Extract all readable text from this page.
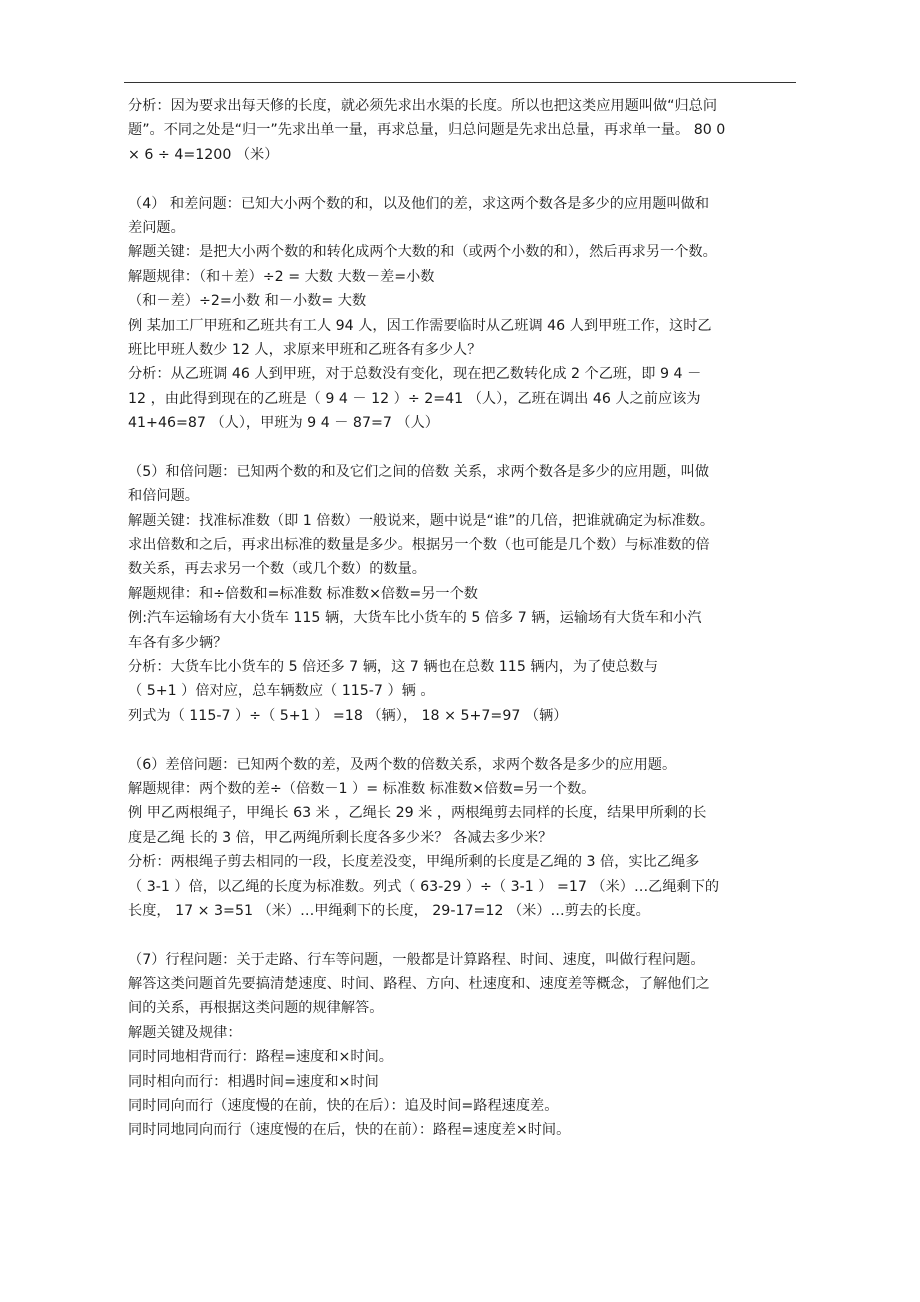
分析：因为要求出每天修的长度，就必须先求出水渠的长度。所以也把这类应用题叫做“归总问
题”。不同之处是“归一”先求出单一量，再求总量，归总问题是先求出总量，再求单一量。 80 0
× 6 ÷ 4=1200 （米）
（4） 和差问题：已知大小两个数的和，以及他们的差，求这两个数各是多少的应用题叫做和
差问题。
解题关键：是把大小两个数的和转化成两个大数的和（或两个小数的和），然后再求另一个数。
解题规律：（和＋差）÷2 = 大数 大数－差=小数
（和－差）÷2=小数 和－小数= 大数
例 某加工厂甲班和乙班共有工人 94 人，因工作需要临时从乙班调 46 人到甲班工作，这时乙
班比甲班人数少 12 人，求原来甲班和乙班各有多少人？
分析：从乙班调 46 人到甲班，对于总数没有变化，现在把乙数转化成 2 个乙班，即 9 4 －
12 ，由此得到现在的乙班是（ 9 4 － 12 ）÷ 2=41 （人），乙班在调出 46 人之前应该为
41+46=87 （人），甲班为 9 4 － 87=7 （人）
（5）和倍问题：已知两个数的和及它们之间的倍数 关系，求两个数各是多少的应用题，叫做
和倍问题。
解题关键：找准标准数（即 1 倍数）一般说来，题中说是“谁”的几倍，把谁就确定为标准数。
求出倍数和之后，再求出标准的数量是多少。根据另一个数（也可能是几个数）与标准数的倍
数关系，再去求另一个数（或几个数）的数量。
解题规律：和÷倍数和=标准数 标准数×倍数=另一个数
例:汽车运输场有大小货车 115 辆，大货车比小货车的 5 倍多 7 辆，运输场有大货车和小汽
车各有多少辆？
分析：大货车比小货车的 5 倍还多 7 辆，这 7 辆也在总数 115 辆内，为了使总数与
（ 5+1 ）倍对应，总车辆数应（ 115-7 ）辆 。
列式为（ 115-7 ）÷（ 5+1 ） =18 （辆）， 18 × 5+7=97 （辆）
（6）差倍问题：已知两个数的差，及两个数的倍数关系，求两个数各是多少的应用题。
解题规律：两个数的差÷（倍数－1 ）= 标准数 标准数×倍数=另一个数。
例 甲乙两根绳子，甲绳长 63 米 ，乙绳长 29 米 ，两根绳剪去同样的长度，结果甲所剩的长
度是乙绳 长的 3 倍，甲乙两绳所剩长度各多少米？ 各减去多少米？
分析：两根绳子剪去相同的一段，长度差没变，甲绳所剩的长度是乙绳的 3 倍，实比乙绳多
（ 3-1 ）倍，以乙绳的长度为标准数。列式（ 63-29 ）÷（ 3-1 ） =17 （米）…乙绳剩下的
长度， 17 × 3=51 （米）…甲绳剩下的长度， 29-17=12 （米）…剪去的长度。
（7）行程问题：关于走路、行车等问题，一般都是计算路程、时间、速度，叫做行程问题。
解答这类问题首先要搞清楚速度、时间、路程、方向、杜速度和、速度差等概念，了解他们之
间的关系，再根据这类问题的规律解答。
解题关键及规律：
同时同地相背而行：路程=速度和×时间。
同时相向而行：相遇时间=速度和×时间
同时同向而行（速度慢的在前，快的在后）：追及时间=路程速度差。
同时同地同向而行（速度慢的在后，快的在前）：路程=速度差×时间。
